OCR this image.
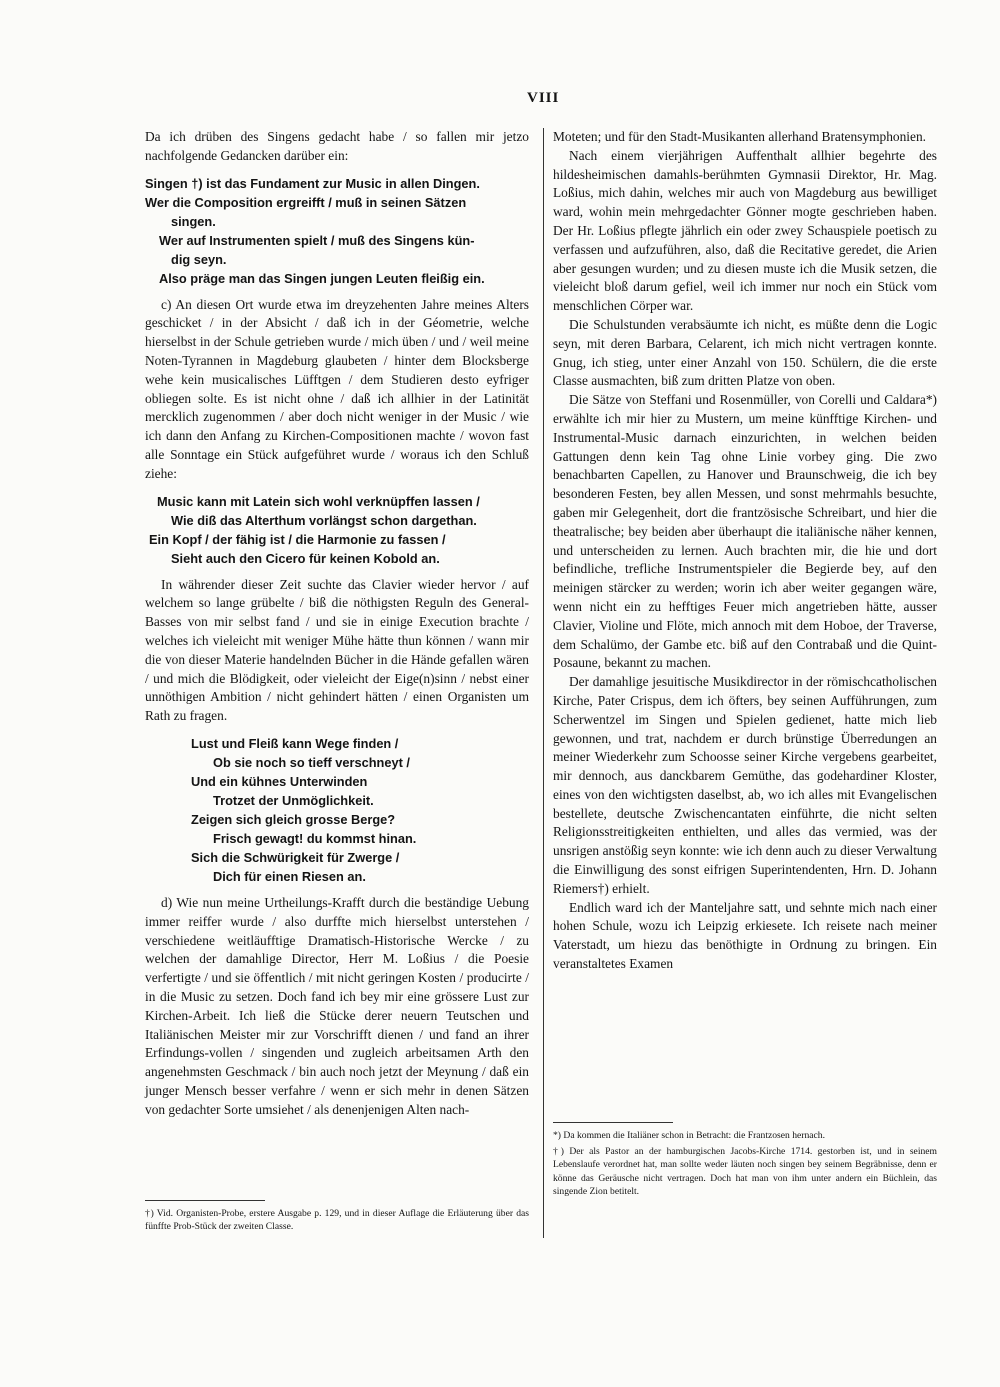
VIII

Da ich drüben des Singens gedacht habe / so fallen mir jetzo nachfolgende Gedancken darüber ein:

Singen †) ist das Fundament zur Music in allen Dingen.
Wer die Composition ergreifft / muß in seinen Sätzen
singen.
Wer auf Instrumenten spielt / muß des Singens kün-
dig seyn.
Also präge man das Singen jungen Leuten fleißig ein.

c) An diesen Ort wurde etwa im dreyzehenten Jahre meines Alters geschicket / in der Absicht / daß ich in der Géometrie, welche hierselbst in der Schule getrieben wurde / mich üben / und / weil meine Noten-Tyrannen in Magdeburg glaubeten / hinter dem Blocksberge wehe kein musicalisches Lüfftgen / dem Studieren desto eyfriger obliegen solte. Es ist nicht ohne / daß ich allhier in der Latinität mercklich zugenommen / aber doch nicht weniger in der Music / wie ich dann den Anfang zu Kirchen-Compositionen machte / wovon fast alle Sonntage ein Stück aufgeführet wurde / woraus ich den Schluß ziehe:

Music kann mit Latein sich wohl verknüpffen lassen /
Wie diß das Alterthum vorlängst schon dargethan.
Ein Kopf / der fähig ist / die Harmonie zu fassen /
Sieht auch den Cicero für keinen Kobold an.

In währender dieser Zeit suchte das Clavier wieder hervor / auf welchem so lange grübelte / biß die nöthigsten Reguln des General-Basses von mir selbst fand / und sie in einige Execution brachte / welches ich vieleicht mit weniger Mühe hätte thun können / wann mir die von dieser Materie handelnden Bücher in die Hände gefallen wären / und mich die Blödigkeit, oder vieleicht der Eige(n)sinn / nebst einer unnöthigen Ambition / nicht gehindert hätten / einen Organisten um Rath zu fragen.

Lust und Fleiß kann Wege finden /
Ob sie noch so tieff verschneyt /
Und ein kühnes Unterwinden
Trotzet der Unmöglichkeit.
Zeigen sich gleich grosse Berge?
Frisch gewagt! du kommst hinan.
Sich die Schwürigkeit für Zwerge /
Dich für einen Riesen an.

d) Wie nun meine Urtheilungs-Krafft durch die beständige Uebung immer reiffer wurde / also durffte mich hierselbst unterstehen / verschiedene weitläufftige Dramatisch-Historische Wercke / zu welchen der damahlige Director, Herr M. Loßius / die Poesie verfertigte / und sie öffentlich / mit nicht geringen Kosten / producirte / in die Music zu setzen. Doch fand ich bey mir eine grössere Lust zur Kirchen-Arbeit. Ich ließ die Stücke derer neuern Teutschen und Italiänischen Meister mir zur Vorschrifft dienen / und fand an ihrer Erfindungs-vollen / singenden und zugleich arbeitsamen Arth den angenehmsten Geschmack / bin auch noch jetzt der Meynung / daß ein junger Mensch besser verfahre / wenn er sich mehr in denen Sätzen von gedachter Sorte umsiehet / als denenjenigen Alten nach-

†) Vid. Organisten-Probe, erstere Ausgabe p. 129, und in dieser Auflage die Erläuterung über das fünffte Prob-Stück der zweiten Classe.

Moteten; und für den Stadt-Musikanten allerhand Bratensymphonien.

Nach einem vierjährigen Auffenthalt allhier begehrte des hildesheimischen damahls-berühmten Gymnasii Direktor, Hr. Mag. Loßius, mich dahin, welches mir auch von Magdeburg aus bewilliget ward, wohin mein mehrgedachter Gönner mogte geschrieben haben. Der Hr. Loßius pflegte jährlich ein oder zwey Schauspiele poetisch zu verfassen und aufzuführen, also, daß die Recitative geredet, die Arien aber gesungen wurden; und zu diesen muste ich die Musik setzen, die vieleicht bloß darum gefiel, weil ich immer nur noch ein Stück vom menschlichen Cörper war.

Die Schulstunden verabsäumte ich nicht, es müßte denn die Logic seyn, mit deren Barbara, Celarent, ich mich nicht vertragen konnte. Gnug, ich stieg, unter einer Anzahl von 150. Schülern, die die erste Classe ausmachten, biß zum dritten Platze von oben.

Die Sätze von Steffani und Rosenmüller, von Corelli und Caldara*) erwählte ich mir hier zu Mustern, um meine künfftige Kirchen- und Instrumental-Music darnach einzurichten, in welchen beiden Gattungen denn kein Tag ohne Linie vorbey ging. Die zwo benachbarten Capellen, zu Hanover und Braunschweig, die ich bey besonderen Festen, bey allen Messen, und sonst mehrmahls besuchte, gaben mir Gelegenheit, dort die frantzösische Schreibart, und hier die theatralische; bey beiden aber überhaupt die italiänische näher kennen, und unterscheiden zu lernen. Auch brachten mir, die hie und dort befindliche, trefliche Instrumentspieler die Begierde bey, auf den meinigen stärcker zu werden; worin ich aber weiter gegangen wäre, wenn nicht ein zu hefftiges Feuer mich angetrieben hätte, ausser Clavier, Violine und Flöte, mich annoch mit dem Hoboe, der Traverse, dem Schalümo, der Gambe etc. biß auf den Contrabaß und die Quint-Posaune, bekannt zu machen.

Der damahlige jesuitische Musikdirector in der römischcatholischen Kirche, Pater Crispus, dem ich öfters, bey seinen Aufführungen, zum Scherwentzel im Singen und Spielen gedienet, hatte mich lieb gewonnen, und trat, nachdem er durch brünstige Überredungen an meiner Wiederkehr zum Schoosse seiner Kirche vergebens gearbeitet, mir dennoch, aus danckbarem Gemüthe, das godehardiner Kloster, eines von den wichtigsten daselbst, ab, wo ich alles mit Evangelischen bestellete, deutsche Zwischencantaten einführte, die nicht selten Religionsstreitigkeiten enthielten, und alles das vermied, was der unsrigen anstößig seyn konnte: wie ich denn auch zu dieser Verwaltung die Einwilligung des sonst eifrigen Superintendenten, Hrn. D. Johann Riemers†) erhielt.

Endlich ward ich der Manteljahre satt, und sehnte mich nach einer hohen Schule, wozu ich Leipzig erkiesete. Ich reisete nach meiner Vaterstadt, um hiezu das benöthigte in Ordnung zu bringen. Ein veranstaltetes Examen

*) Da kommen die Italiäner schon in Betracht: die Frantzosen hernach.
†) Der als Pastor an der hamburgischen Jacobs-Kirche 1714. gestorben ist, und in seinem Lebenslaufe verordnet hat, man sollte weder läuten noch singen bey seinem Begräbnisse, denn er könne das Geräusche nicht vertragen. Doch hat man von ihm unter andern ein Büchlein, das singende Zion betitelt.
